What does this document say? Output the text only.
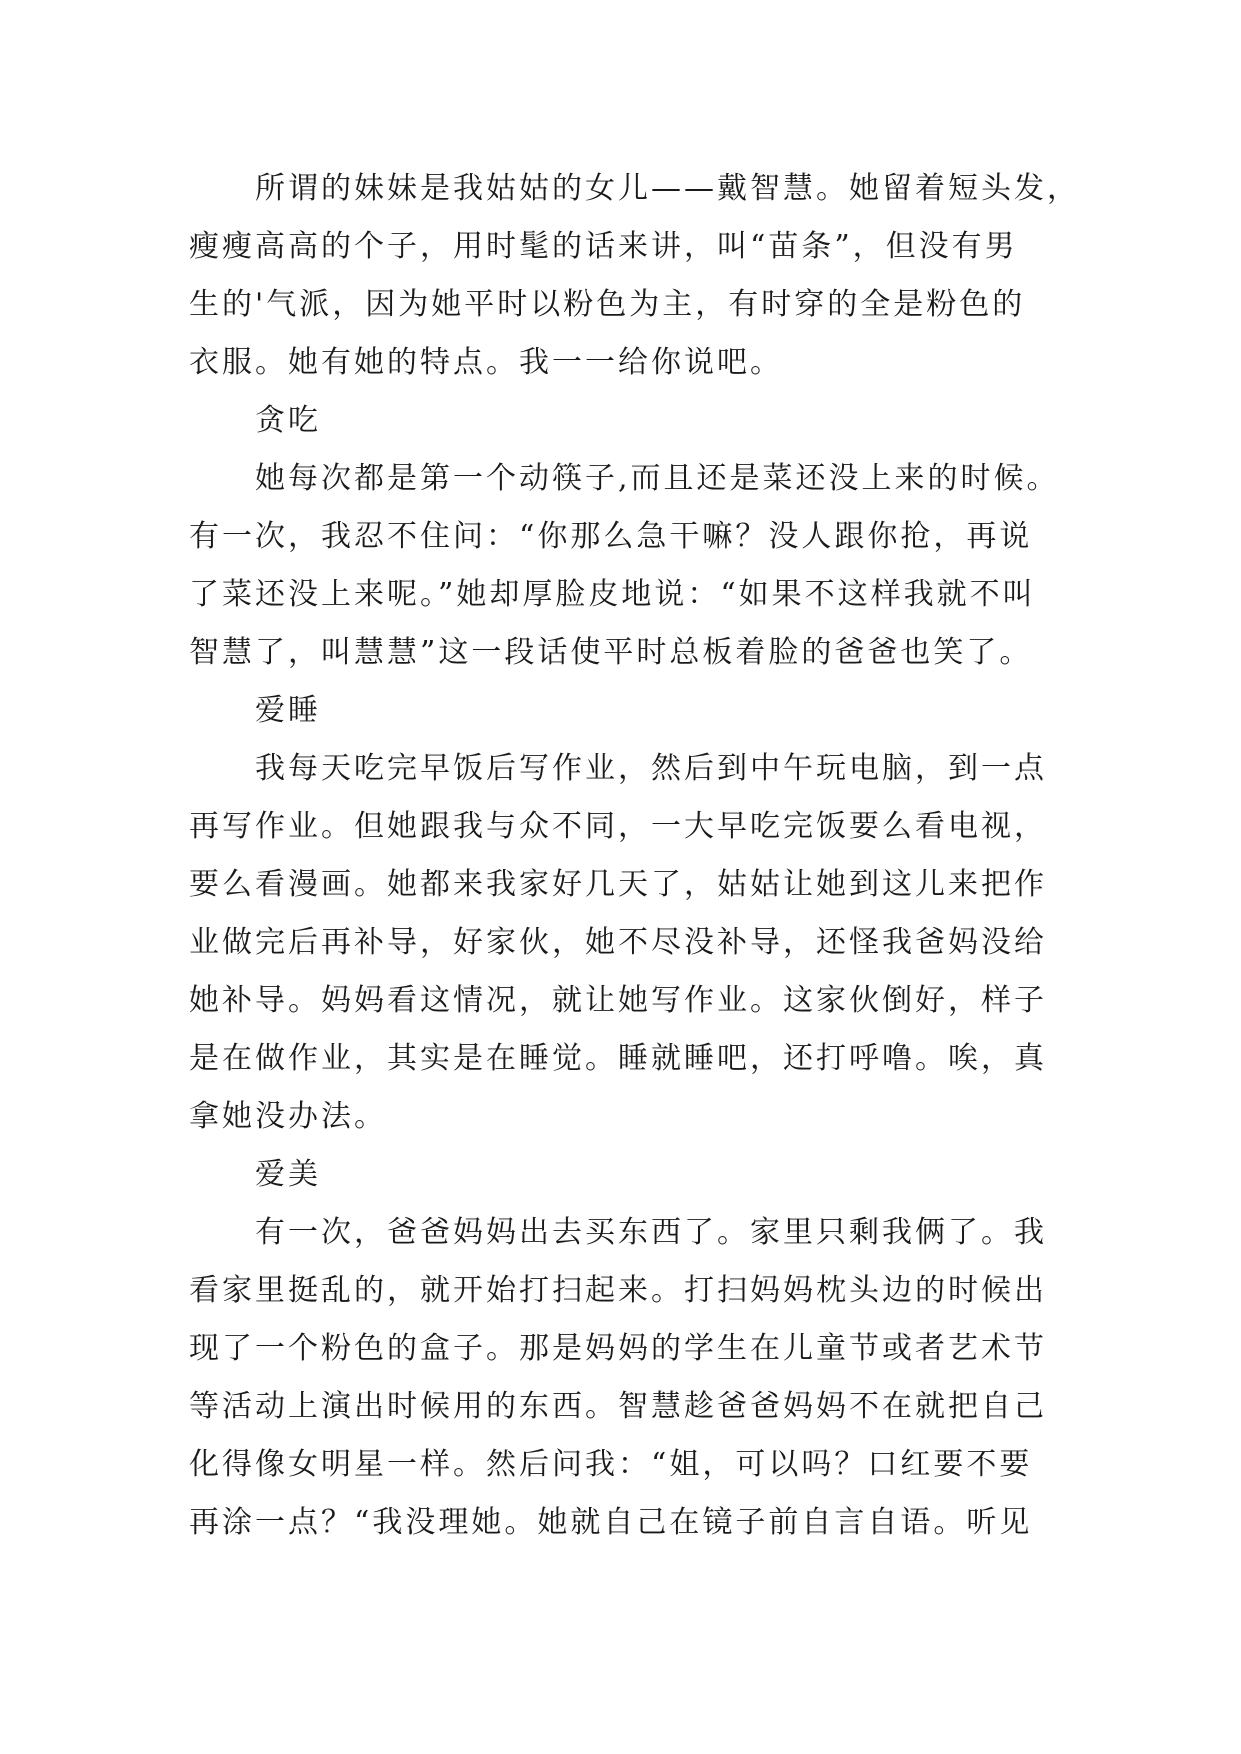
所谓的妹妹是我姑姑的女儿——戴智慧。她留着短头发，
瘦瘦高高的个子，用时髦的话来讲，叫“苗条”，但没有男
生的'气派，因为她平时以粉色为主，有时穿的全是粉色的
衣服。她有她的特点。我一一给你说吧。
贪吃
她每次都是第一个动筷子,而且还是菜还没上来的时候。
有一次，我忍不住问：“你那么急干嘛？没人跟你抢，再说
了菜还没上来呢。”她却厚脸皮地说：“如果不这样我就不叫
智慧了，叫慧慧”这一段话使平时总板着脸的爸爸也笑了。
爱睡
我每天吃完早饭后写作业，然后到中午玩电脑，到一点
再写作业。但她跟我与众不同，一大早吃完饭要么看电视，
要么看漫画。她都来我家好几天了，姑姑让她到这儿来把作
业做完后再补导，好家伙，她不尽没补导，还怪我爸妈没给
她补导。妈妈看这情况，就让她写作业。这家伙倒好，样子
是在做作业，其实是在睡觉。睡就睡吧，还打呼噜。唉，真
拿她没办法。
爱美
有一次，爸爸妈妈出去买东西了。家里只剩我俩了。我
看家里挺乱的，就开始打扫起来。打扫妈妈枕头边的时候出
现了一个粉色的盒子。那是妈妈的学生在儿童节或者艺术节
等活动上演出时候用的东西。智慧趁爸爸妈妈不在就把自己
化得像女明星一样。然后问我：“姐，可以吗？口红要不要
再涂一点？“我没理她。她就自己在镜子前自言自语。听见
